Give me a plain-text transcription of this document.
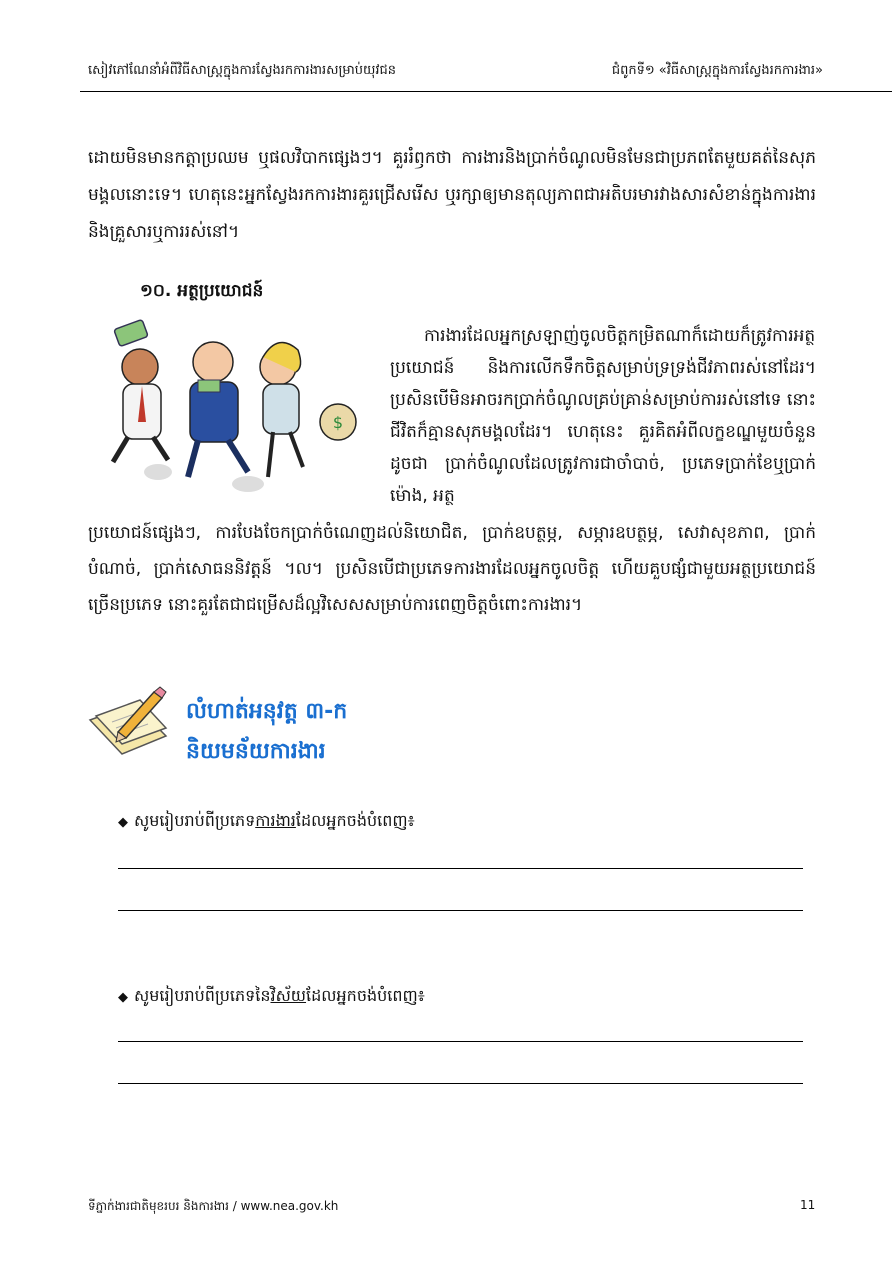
សៀវភៅណែនាំអំពីវិធីសាស្ត្រក្នុងការស្វែងរកការងារសម្រាប់យុវជន	ជំពូកទី១ «វិធីសាស្ត្រក្នុងការស្វែងរកការងារ»
ដោយមិនមានកត្តាប្រឈម ឬផលវិបាកផ្សេងៗ។ គួររំឭកថា ការងារនិងប្រាក់ចំណូលមិនមែនជាប្រភពតែមួយគត់នៃសុភមង្គលនោះទេ។ ហេតុនេះអ្នកស្វែងរកការងារគួរជ្រើសរើស ឬរក្សាឲ្យមានតុល្យភាពជាអតិបរមារវាងសារសំខាន់ក្នុងការងារ និងគ្រួសារឬការរស់នៅ។
១០. អត្ថប្រយោជន៍
$
ការងារដែលអ្នកស្រឡាញ់ចូលចិត្តកម្រិតណាក៏ដោយក៏ត្រូវការអត្ថប្រយោជន៍ និងការលើកទឹកចិត្តសម្រាប់ទ្រទ្រង់ជីវភាពរស់នៅដែរ។ ប្រសិនបើមិនអាចរកប្រាក់ចំណូលគ្រប់គ្រាន់សម្រាប់ការរស់នៅទេ នោះជីវិតក៏គ្មានសុភមង្គលដែរ។ ហេតុនេះ គួរគិតអំពីលក្ខខណ្ឌមួយចំនួនដូចជា ប្រាក់ចំណូលដែលត្រូវការជាចាំបាច់, ប្រភេទប្រាក់ខែឬប្រាក់ម៉ោង, អត្ថ
ប្រយោជន៍ផ្សេងៗ, ការបែងចែកប្រាក់ចំណេញដល់និយោជិត, ប្រាក់ឧបត្ថម្ភ, សម្ភារឧបត្ថម្ភ, សេវាសុខភាព, ប្រាក់បំណាច់, ប្រាក់សោធននិវត្តន៍ ។ល។ ប្រសិនបើជាប្រភេទការងារដែលអ្នកចូលចិត្ត ហើយគួបផ្សំជាមួយអត្ថប្រយោជន៍ច្រើនប្រភេទ នោះគួរតែជាជម្រើសដ៏ល្អវិសេសសម្រាប់ការពេញចិត្តចំពោះការងារ។
លំហាត់អនុវត្ត ៣-ក
និយមន័យការងារ
◆ សូមរៀបរាប់ពីប្រភេទការងារដែលអ្នកចង់បំពេញ៖
◆ សូមរៀបរាប់ពីប្រភេទនៃវិស័យដែលអ្នកចង់បំពេញ៖
ទីភ្នាក់ងារជាតិមុខរបរ និងការងារ / www.nea.gov.kh	11
